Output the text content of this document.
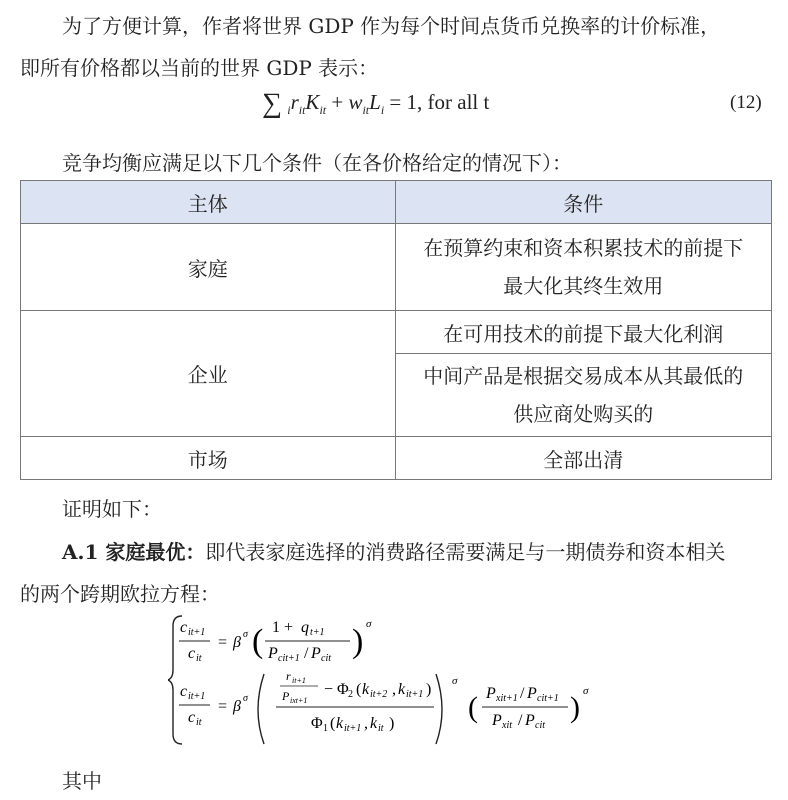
为了方便计算，作者将世界 GDP 作为每个时间点货币兑换率的计价标准，
即所有价格都以当前的世界 GDP 表示：
∑ $_ir_{it}K_{it} + w_{it}L_i = 1$, for all t	(12)
竞争均衡应满足以下几个条件（在各价格给定的情况下）：
主体	条件
家庭	在预算约束和资本积累技术的前提下
最大化其终生效用

企业	在可用技术的前提下最大化利润

	中间产品是根据交易成本从其最低的
供应商处购买的

市场	全部出清
证明如下：
A.1 家庭最优：即代表家庭选择的消费路径需要满足与一期债券和资本相关
的两个跨期欧拉方程：
c it+1
c it
= β σ ( 1 + q t+1
P cit+1 / P cit ) σ
c it+1
c it
= β σ
r it+1
P ixt+1
− Φ 2 ( k it+2 , k it+1 )
Φ 1 ( k it+1 , k it )
σ
( P xit+1 / P cit+1
P xit / P cit
) σ
其中
